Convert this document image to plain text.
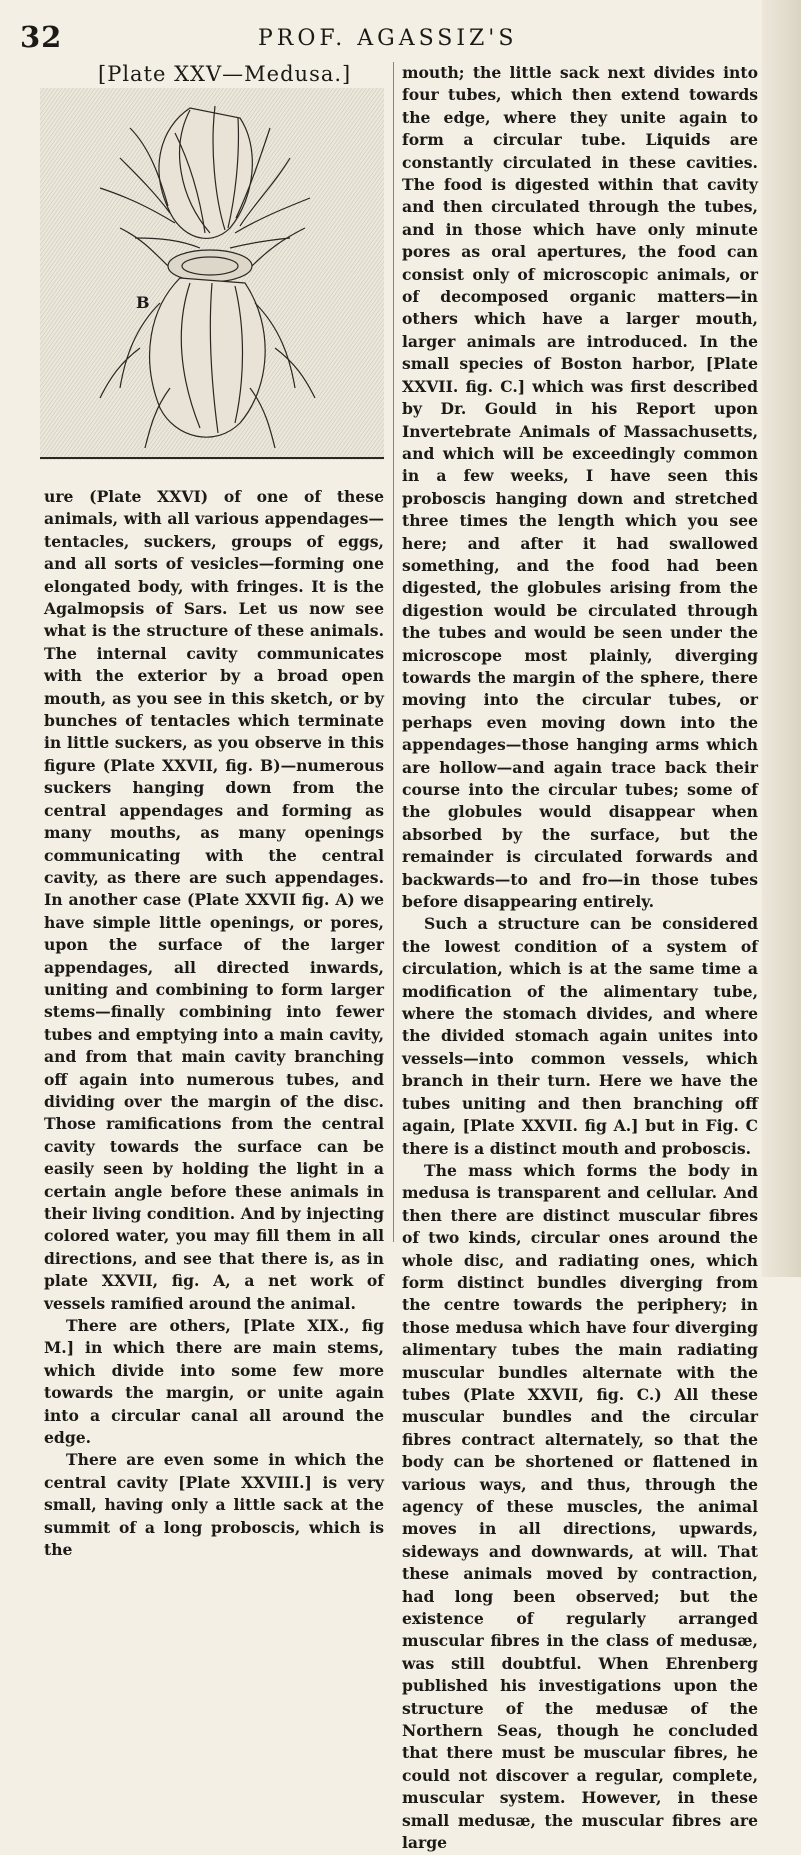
32	PROF. AGASSIZ'S
[Plate XXV—Medusa.]
B

ure (Plate XXVI) of one of these animals, with all various appendages—tentacles, suckers, groups of eggs, and all sorts of vesicles—forming one elongated body, with fringes. It is the Agalmopsis of Sars. Let us now see what is the structure of these animals. The internal cavity communicates with the exterior by a broad open mouth, as you see in this sketch, or by bunches of tentacles which terminate in little suckers, as you observe in this figure (Plate XXVII, fig. B)—numerous suckers hanging down from the central appendages and forming as many mouths, as many openings communicating with the central cavity, as there are such appendages. In another case (Plate XXVII fig. A) we have simple little openings, or pores, upon the surface of the larger appendages, all directed inwards, uniting and combining to form larger stems—finally combining into fewer tubes and emptying into a main cavity, and from that main cavity branching off again into numerous tubes, and dividing over the margin of the disc. Those ramifications from the central cavity towards the surface can be easily seen by holding the light in a certain angle before these animals in their living condition. And by injecting colored water, you may fill them in all directions, and see that there is, as in plate XXVII, fig. A, a net work of vessels ramified around the animal.

There are others, [Plate XIX., fig M.] in which there are main stems, which divide into some few more towards the margin, or unite again into a circular canal all around the edge.

There are even some in which the central cavity [Plate XXVIII.] is very small, having only a little sack at the summit of a long proboscis, which is the

mouth; the little sack next divides into four tubes, which then extend towards the edge, where they unite again to form a circular tube. Liquids are constantly circulated in these cavities. The food is digested within that cavity and then circulated through the tubes, and in those which have only minute pores as oral apertures, the food can consist only of microscopic animals, or of decomposed organic matters—in others which have a larger mouth, larger animals are introduced. In the small species of Boston harbor, [Plate XXVII. fig. C.] which was first described by Dr. Gould in his Report upon Invertebrate Animals of Massachusetts, and which will be exceedingly common in a few weeks, I have seen this proboscis hanging down and stretched three times the length which you see here; and after it had swallowed something, and the food had been digested, the globules arising from the digestion would be circulated through the tubes and would be seen under the microscope most plainly, diverging towards the margin of the sphere, there moving into the circular tubes, or perhaps even moving down into the appendages—those hanging arms which are hollow—and again trace back their course into the circular tubes; some of the globules would disappear when absorbed by the surface, but the remainder is circulated forwards and backwards—to and fro—in those tubes before disappearing entirely.

Such a structure can be considered the lowest condition of a system of circulation, which is at the same time a modification of the alimentary tube, where the stomach divides, and where the divided stomach again unites into vessels—into common vessels, which branch in their turn. Here we have the tubes uniting and then branching off again, [Plate XXVII. fig A.] but in Fig. C there is a distinct mouth and proboscis.

The mass which forms the body in medusa is transparent and cellular. And then there are distinct muscular fibres of two kinds, circular ones around the whole disc, and radiating ones, which form distinct bundles diverging from the centre towards the periphery; in those medusa which have four diverging alimentary tubes the main radiating muscular bundles alternate with the tubes (Plate XXVII, fig. C.) All these muscular bundles and the circular fibres contract alternately, so that the body can be shortened or flattened in various ways, and thus, through the agency of these muscles, the animal moves in all directions, upwards, sideways and downwards, at will. That these animals moved by contraction, had long been observed; but the existence of regularly arranged muscular fibres in the class of medusæ, was still doubtful. When Ehrenberg published his investigations upon the structure of the medusæ of the Northern Seas, though he concluded that there must be muscular fibres, he could not discover a regular, complete, muscular system. However, in these small medusæ, the muscular fibres are large
